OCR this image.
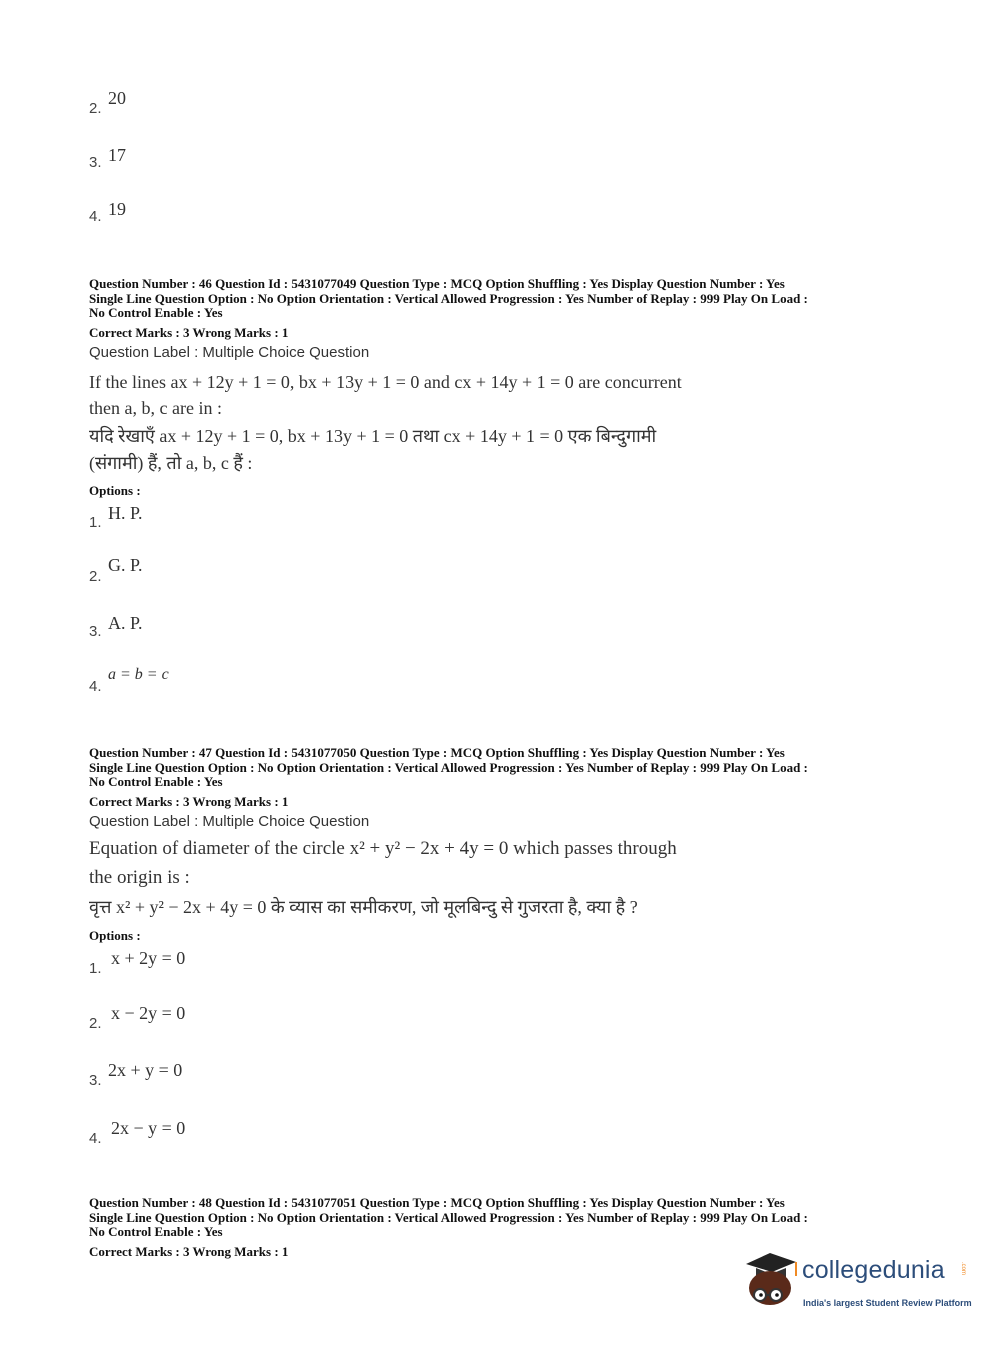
2.
20
3. 17
4. 19
Question Number : 46 Question Id : 5431077049 Question Type : MCQ Option Shuffling : Yes Display Question Number : Yes
Single Line Question Option : No Option Orientation : Vertical Allowed Progression : Yes Number of Replay : 999 Play On Load :
No Control Enable : Yes
Correct Marks : 3 Wrong Marks : 1
Question Label : Multiple Choice Question
If the lines ax + 12y + 1 = 0, bx + 13y + 1 = 0 and cx + 14y + 1 = 0 are concurrent
then a, b, c are in :
यदि रेखाएँ ax + 12y + 1 = 0, bx + 13y + 1 = 0 तथा cx + 14y + 1 = 0 एक बिन्दुगामी
(संगामी) हैं, तो a, b, c हैं :
Options :
1. H. P.
2.
G. P.
3. A. P.
4.
a = b = c
Question Number : 47 Question Id : 5431077050 Question Type : MCQ Option Shuffling : Yes Display Question Number : Yes
Single Line Question Option : No Option Orientation : Vertical Allowed Progression : Yes Number of Replay : 999 Play On Load :
No Control Enable : Yes
Correct Marks : 3 Wrong Marks : 1
Question Label : Multiple Choice Question
Equation of diameter of the circle x² + y² − 2x + 4y = 0 which passes through
the origin is :
वृत्त x² + y² − 2x + 4y = 0 के व्यास का समीकरण, जो मूलबिन्दु से गुजरता है, क्या है ?
Options :
1.
x + 2y = 0
2.
x − 2y = 0
3.
2x + y = 0
4.
2x − y = 0
Question Number : 48 Question Id : 5431077051 Question Type : MCQ Option Shuffling : Yes Display Question Number : Yes
Single Line Question Option : No Option Orientation : Vertical Allowed Progression : Yes Number of Replay : 999 Play On Load :
No Control Enable : Yes
Correct Marks : 3 Wrong Marks : 1
collegedunia	.com
India's largest Student Review Platform
